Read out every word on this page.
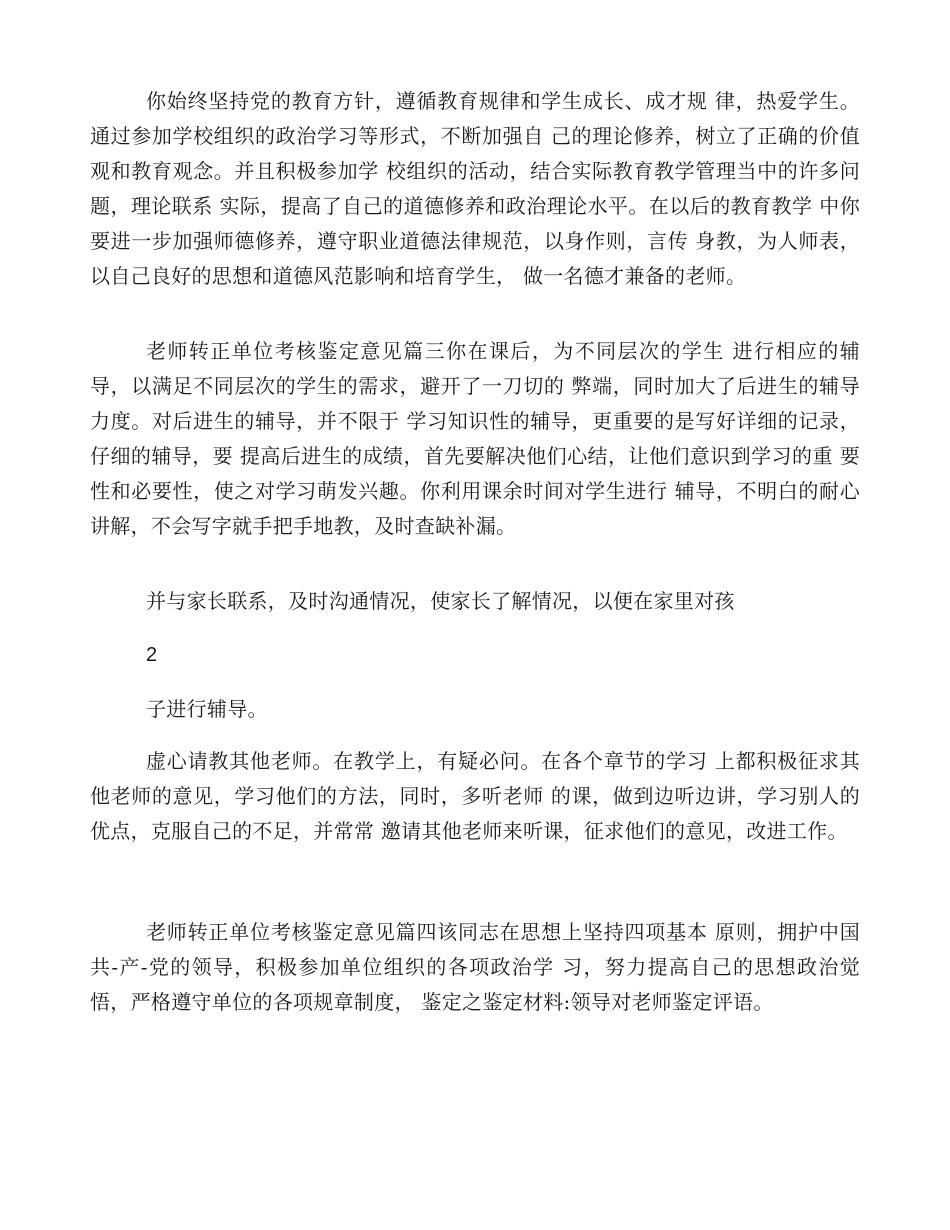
你始终坚持党的教育方针，遵循教育规律和学生成长、成才规 律，热爱学生。通过参加学校组织的政治学习等形式，不断加强自 己的理论修养，树立了正确的价值观和教育观念。并且积极参加学 校组织的活动，结合实际教育教学管理当中的许多问题，理论联系 实际，提高了自己的道德修养和政治理论水平。在以后的教育教学 中你要进一步加强师德修养，遵守职业道德法律规范，以身作则，言传 身教，为人师表，以自己良好的思想和道德风范影响和培育学生， 做一名德才兼备的老师。

老师转正单位考核鉴定意见篇三你在课后，为不同层次的学生 进行相应的辅导，以满足不同层次的学生的需求，避开了一刀切的 弊端，同时加大了后进生的辅导力度。对后进生的辅导，并不限于 学习知识性的辅导，更重要的是写好详细的记录，仔细的辅导，要 提高后进生的成绩，首先要解决他们心结，让他们意识到学习的重 要性和必要性，使之对学习萌发兴趣。你利用课余时间对学生进行 辅导，不明白的耐心讲解，不会写字就手把手地教，及时查缺补漏。

并与家长联系，及时沟通情况，使家长了解情况，以便在家里对孩

2

子进行辅导。

虚心请教其他老师。在教学上，有疑必问。在各个章节的学习 上都积极征求其他老师的意见，学习他们的方法，同时，多听老师 的课，做到边听边讲，学习别人的优点，克服自己的不足，并常常 邀请其他老师来听课，征求他们的意见，改进工作。

老师转正单位考核鉴定意见篇四该同志在思想上坚持四项基本 原则，拥护中国共-产-党的领导，积极参加单位组织的各项政治学 习，努力提高自己的思想政治觉悟，严格遵守单位的各项规章制度， 鉴定之鉴定材料:领导对老师鉴定评语。
